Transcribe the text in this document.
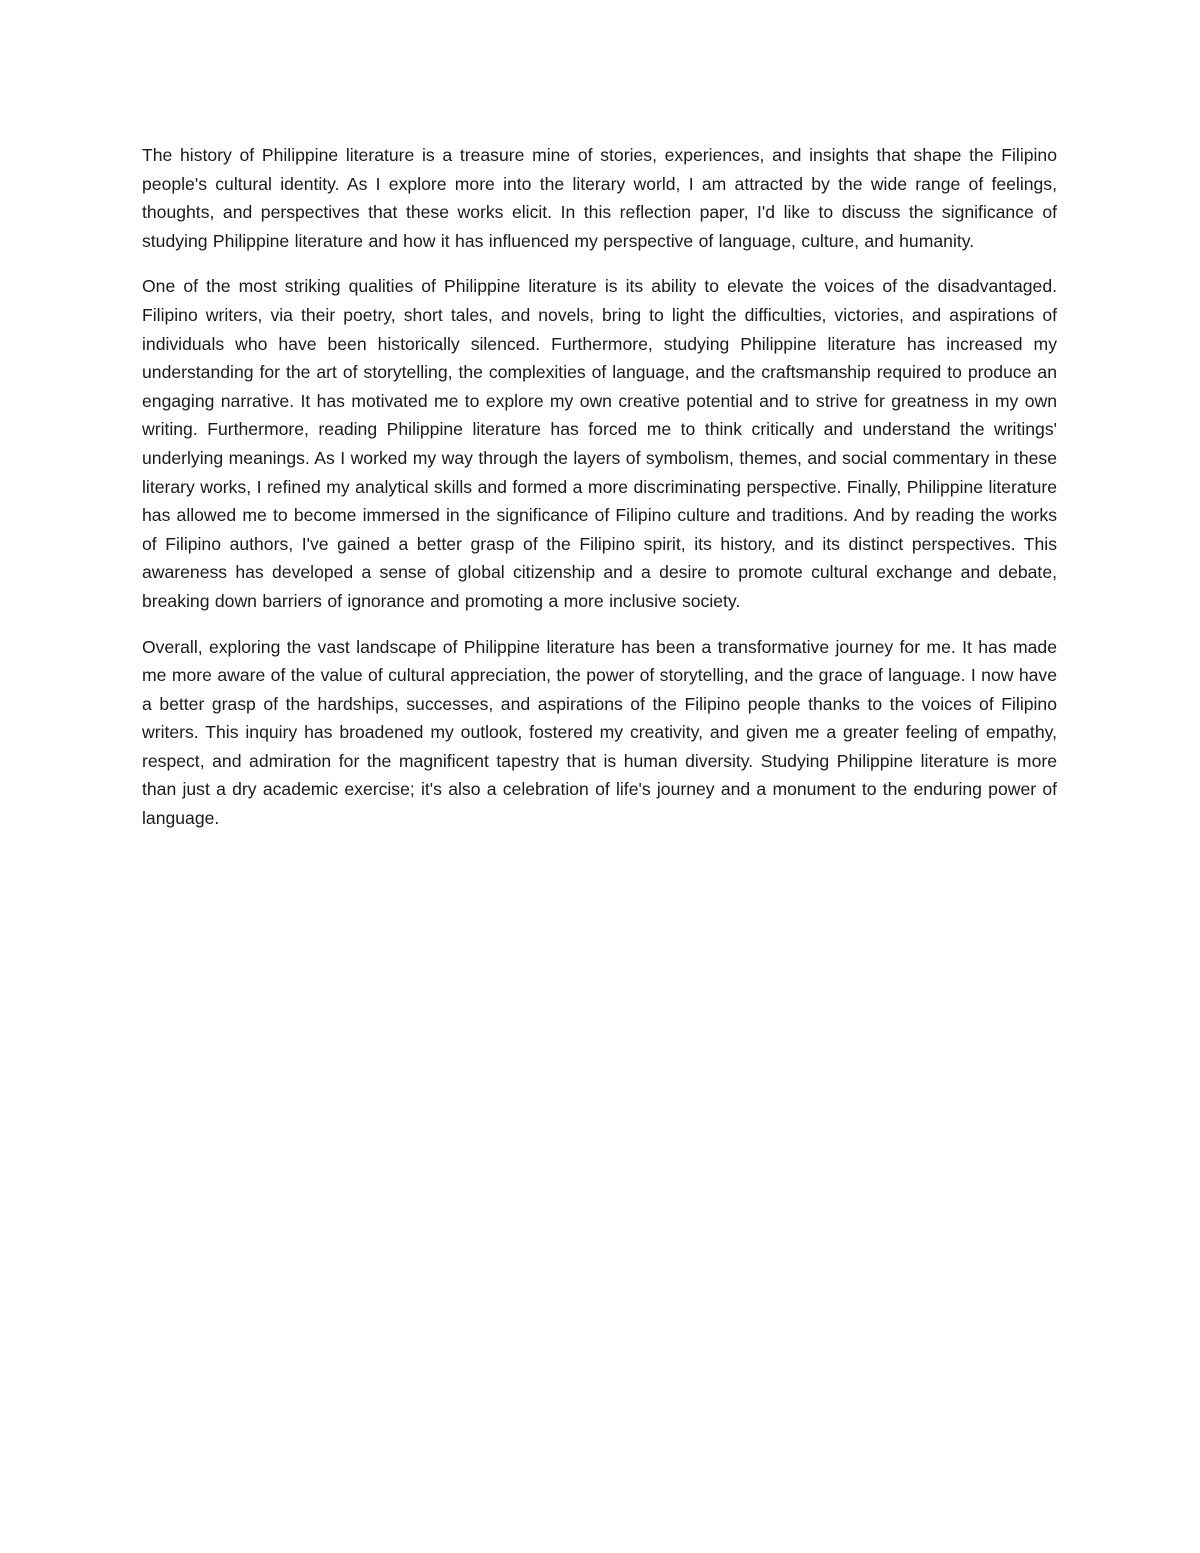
The history of Philippine literature is a treasure mine of stories, experiences, and insights that shape the Filipino people's cultural identity. As I explore more into the literary world, I am attracted by the wide range of feelings, thoughts, and perspectives that these works elicit. In this reflection paper, I'd like to discuss the significance of studying Philippine literature and how it has influenced my perspective of language, culture, and humanity.

One of the most striking qualities of Philippine literature is its ability to elevate the voices of the disadvantaged. Filipino writers, via their poetry, short tales, and novels, bring to light the difficulties, victories, and aspirations of individuals who have been historically silenced. Furthermore, studying Philippine literature has increased my understanding for the art of storytelling, the complexities of language, and the craftsmanship required to produce an engaging narrative. It has motivated me to explore my own creative potential and to strive for greatness in my own writing. Furthermore, reading Philippine literature has forced me to think critically and understand the writings' underlying meanings. As I worked my way through the layers of symbolism, themes, and social commentary in these literary works, I refined my analytical skills and formed a more discriminating perspective. Finally, Philippine literature has allowed me to become immersed in the significance of Filipino culture and traditions. And by reading the works of Filipino authors, I've gained a better grasp of the Filipino spirit, its history, and its distinct perspectives. This awareness has developed a sense of global citizenship and a desire to promote cultural exchange and debate, breaking down barriers of ignorance and promoting a more inclusive society.

Overall, exploring the vast landscape of Philippine literature has been a transformative journey for me. It has made me more aware of the value of cultural appreciation, the power of storytelling, and the grace of language. I now have a better grasp of the hardships, successes, and aspirations of the Filipino people thanks to the voices of Filipino writers. This inquiry has broadened my outlook, fostered my creativity, and given me a greater feeling of empathy, respect, and admiration for the magnificent tapestry that is human diversity. Studying Philippine literature is more than just a dry academic exercise; it's also a celebration of life's journey and a monument to the enduring power of language.
